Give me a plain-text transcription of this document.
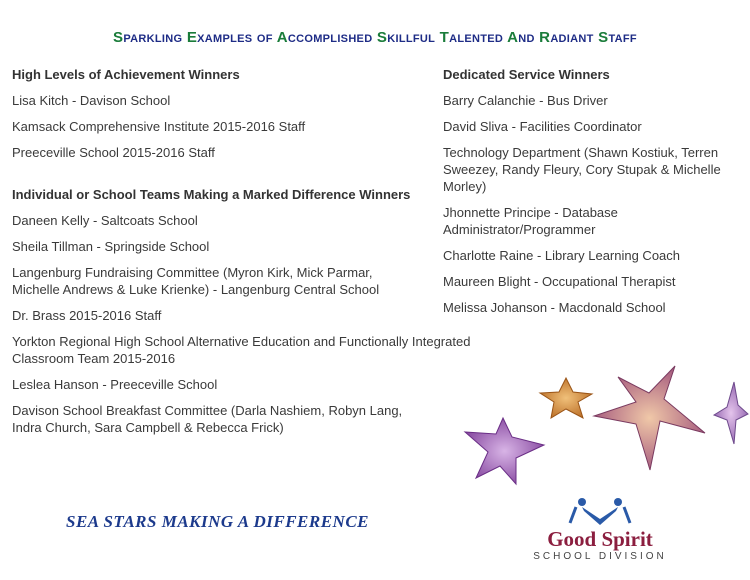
Sparkling Examples of Accomplished Skillful Talented And Radiant Staff
High Levels of Achievement Winners
Lisa Kitch - Davison School
Kamsack Comprehensive Institute 2015-2016 Staff
Preeceville School 2015-2016 Staff
Individual or School Teams Making a Marked Difference Winners
Daneen Kelly - Saltcoats School
Sheila Tillman - Springside School
Langenburg Fundraising Committee (Myron Kirk, Mick Parmar, Michelle Andrews & Luke Krienke) - Langenburg Central School
Dr. Brass 2015-2016 Staff
Yorkton Regional High School Alternative Education and Functionally Integrated Classroom Team 2015-2016
Leslea Hanson - Preeceville School
Davison School Breakfast Committee (Darla Nashiem, Robyn Lang, Indra Church, Sara Campbell & Rebecca Frick)
Dedicated Service Winners
Barry Calanchie - Bus Driver
David Sliva - Facilities Coordinator
Technology Department (Shawn Kostiuk, Terren Sweezey, Randy Fleury, Cory Stupak & Michelle Morley)
Jhonnette Principe - Database Administrator/Programmer
Charlotte Raine - Library Learning Coach
Maureen Blight - Occupational Therapist
Melissa Johanson - Macdonald School
SEA STARS MAKING A DIFFERENCE
Good Spirit
SCHOOL DIVISION
